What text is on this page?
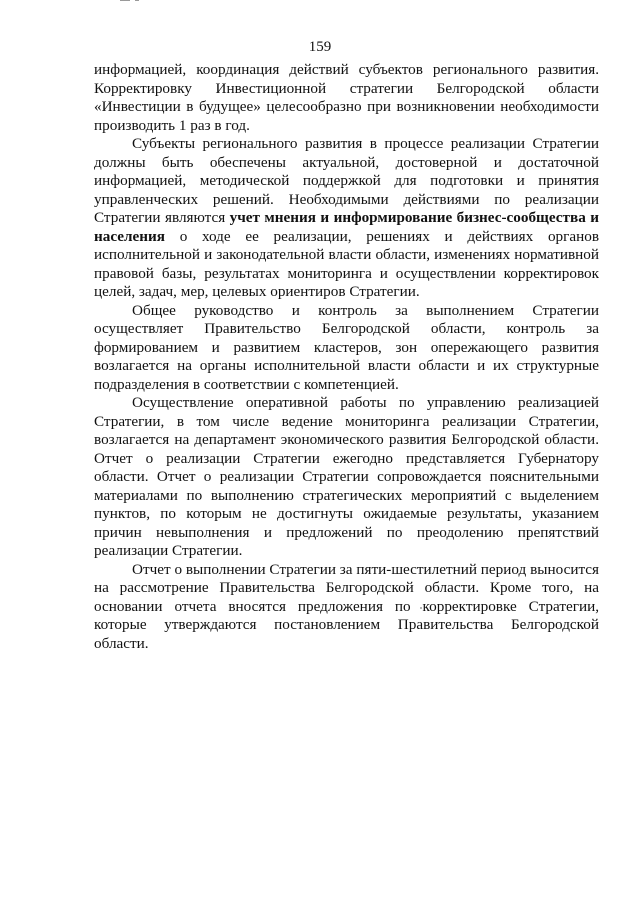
159

информацией, координация действий субъектов регионального развития. Корректировку Инвестиционной стратегии Белгородской области «Инвестиции в будущее» целесообразно при возникновении необходимости производить 1 раз в год.

Субъекты регионального развития в процессе реализации Стратегии должны быть обеспечены актуальной, достоверной и достаточной информацией, методической поддержкой для подготовки и принятия управленческих решений. Необходимыми действиями по реализации Стратегии являются учет мнения и информирование бизнес-сообщества и населения о ходе ее реализации, решениях и действиях органов исполнительной и законодательной власти области, изменениях нормативной правовой базы, результатах мониторинга и осуществлении корректировок целей, задач, мер, целевых ориентиров Стратегии.

Общее руководство и контроль за выполнением Стратегии осуществляет Правительство Белгородской области, контроль за формированием и развитием кластеров, зон опережающего развития возлагается на органы исполнительной власти области и их структурные подразделения в соответствии с компетенцией.

Осуществление оперативной работы по управлению реализацией Стратегии, в том числе ведение мониторинга реализации Стратегии, возлагается на департамент экономического развития Белгородской области. Отчет о реализации Стратегии ежегодно представляется Губернатору области. Отчет о реализации Стратегии сопровождается пояснительными материалами по выполнению стратегических мероприятий с выделением пунктов, по которым не достигнуты ожидаемые результаты, указанием причин невыполнения и предложений по преодолению препятствий реализации Стратегии.

Отчет о выполнении Стратегии за пяти-шестилетний период выносится на рассмотрение Правительства Белгородской области. Кроме того, на основании отчета вносятся предложения по корректировке Стратегии, которые утверждаются постановлением Правительства Белгородской области.
